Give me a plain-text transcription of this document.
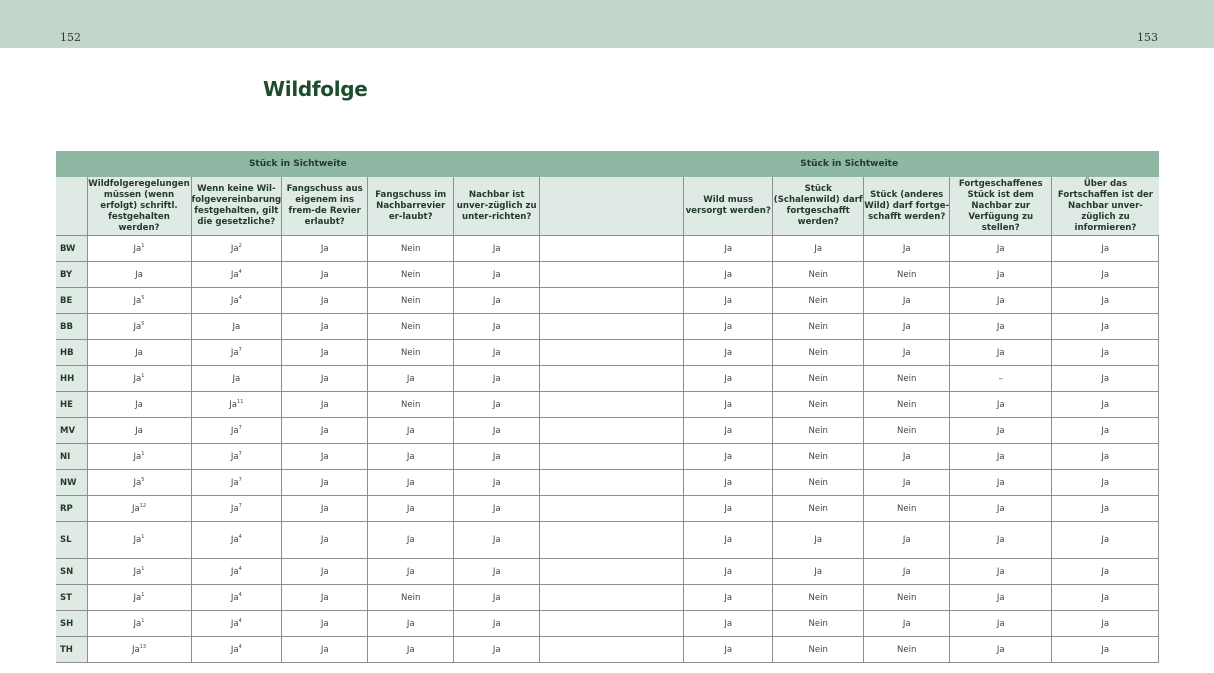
152	153
Wildfolge
Stück in Sichtweite						Stück in Sichtweite					
	Wildfolgeregelungen müssen (wenn erfolgt) schriftl. festgehalten werden?	Wenn keine Wil-folgevereinbarung festgehalten, gilt die gesetzliche?	Fangschuss aus eigenem ins frem-de Revier erlaubt?	Fangschuss im Nachbarrevier er-laubt?	Nachbar ist unver-züglich zu unter-richten?		Wild muss versorgt werden?	Stück (Schalenwild) darf fortgeschafft werden?	Stück (anderes Wild) darf fortge-schafft werden?	Fortgeschaffenes Stück ist dem Nachbar zur Verfügung zu stellen?	Über das Fortschaffen ist der Nachbar unver-züglich zu informieren?
BW	Ja$^1$	Ja$^2$	Ja	Nein	Ja		Ja	Ja	Ja	Ja	Ja
BY	Ja	Ja$^4$	Ja	Nein	Ja		Ja	Nein	Nein	Ja	Ja
BE	Ja$^5$	Ja$^4$	Ja	Nein	Ja		Ja	Nein	Ja	Ja	Ja
BB	Ja$^5$	Ja	Ja	Nein	Ja		Ja	Nein	Ja	Ja	Ja
HB	Ja	Ja$^7$	Ja	Nein	Ja		Ja	Nein	Ja	Ja	Ja
HH	Ja$^1$	Ja	Ja	Ja	Ja		Ja	Nein	Nein	–	Ja
HE	Ja	Ja$^{11}$	Ja	Nein	Ja		Ja	Nein	Nein	Ja	Ja
MV	Ja	Ja$^7$	Ja	Ja	Ja		Ja	Nein	Nein	Ja	Ja
NI	Ja$^1$	Ja$^7$	Ja	Ja	Ja		Ja	Nein	Ja	Ja	Ja
NW	Ja$^5$	Ja$^7$	Ja	Ja	Ja		Ja	Nein	Ja	Ja	Ja
RP	Ja$^{12}$	Ja$^7$	Ja	Ja	Ja		Ja	Nein	Nein	Ja	Ja
SL	Ja$^1$	Ja$^4$	Ja	Ja	Ja		Ja	Ja	Ja	Ja	Ja
SN	Ja$^1$	Ja$^4$	Ja	Ja	Ja		Ja	Ja	Ja	Ja	Ja
ST	Ja$^1$	Ja$^4$	Ja	Nein	Ja		Ja	Nein	Nein	Ja	Ja
SH	Ja$^1$	Ja$^4$	Ja	Ja	Ja		Ja	Nein	Ja	Ja	Ja
TH	Ja$^{13}$	Ja$^4$	Ja	Ja	Ja		Ja	Nein	Nein	Ja	Ja
